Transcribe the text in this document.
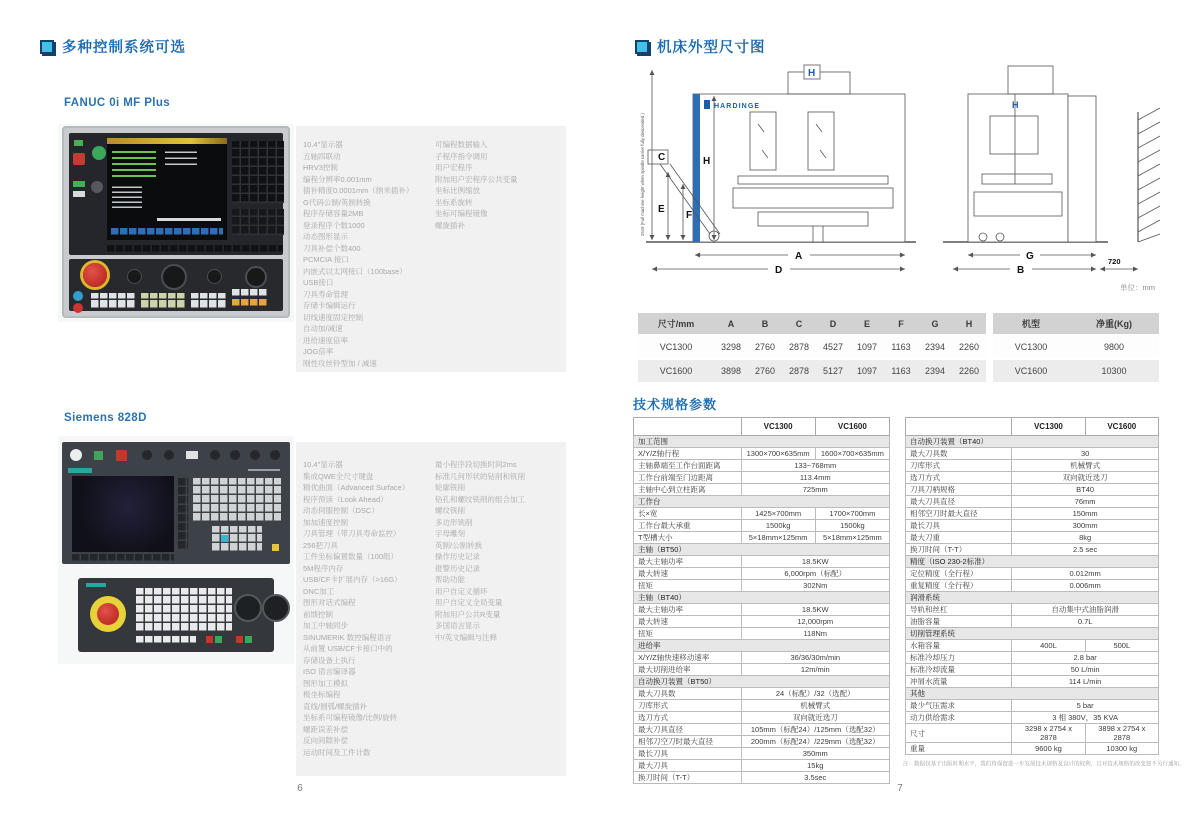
多种控制系统可选
FANUC 0i MF Plus
10.4"显示器
五轴四联动
HRV3控制
编程分辨率0.001mm
插补精度0.0001mm（纳米插补）
G代码公制/英制转换
程序存储容量2MB
登录程序个数1000
动态图形显示
刀具补偿个数400
PCMCIA 接口
内嵌式以太网接口（100base）
USB接口
刀具寿命管理
存储卡编辑运行
切线速度固定控制
自动加/减速
进给速度倍率
JOG倍率
刚性攻丝铃型加 / 减速
可编程数据输入
子程序指令调用
用户宏程序
附加用户宏程序公共变量
坐标比例缩放
坐标系旋转
坐标可编程镜像
螺旋插补
Siemens 828D
10.4"显示器
集成QWE全尺寸键盘
精优曲面（Advanced Surface）
程序预读（Look Ahead）
动态伺服控制（DSC）
加加速度控制
刀具管理（带刀具寿命监控）
256把刀具
工件坐标偏置数量（100组）
5M程序内存
USB/CF卡扩展内存（>16G）
DNC加工
图形对话式编程
前馈控制
加工中轴同步
SINUMERIK 数控编程语言
从前置 USB/CF卡接口中的
存储设备上执行
ISO 语言编译器
图形加工模拟
极坐标编程
直线/圆弧/螺旋插补
坐标系可编程镜像/比例/旋转
螺距误差补偿
反向间隙补偿
运动时间及工件计数
最小程序段切换时间2ms
标准几何形状的钻削和铣削
轮廓铣削
钻孔和螺纹铣削的组合加工
螺纹铣削
多边形铣削
字母雕刻
英制/公制转换
操作历史记录
报警历史记录
帮助功能
用户自定义循环
用户自定义全局变量
附加用户公共R变量
多国语言显示
中/英文编辑与注释
6
机床外型尺寸图
A
B
C
D
E
F
G
H
720
HARDINGE
H
H
2519 (Full machine height when spindle carrier fully descended.)
单位：mm
尺寸/mm	A	B	C	D	E	F	G	H
VC1300	3298	2760	2878	4527	1097	1163	2394	2260
VC1600	3898	2760	2878	5127	1097	1163	2394	2260
机型	净重(Kg)
VC1300	9800
VC1600	10300
技术规格参数
	VC1300	VC1600
加工范围		
X/Y/Z轴行程	1300×700×635mm	1600×700×635mm
主轴鼻端至工作台面距离	133~768mm	
工作台前端至门边距离	113.4mm	
主轴中心到立柱距离	725mm	
工作台		
长×宽	1425×700mm	1700×700mm
工作台最大承重	1500kg	1500kg
T型槽大小	5×18mm×125mm	5×18mm×125mm
主轴（BT50）		
最大主轴功率	18.5KW	
最大转速	6,000rpm（标配）	
扭矩	302Nm	
主轴（BT40）		
最大主轴功率	18.5KW	
最大转速	12,000rpm	
扭矩	118Nm	
进给率		
X/Y/Z轴快速移动速率	36/36/30m/min	
最大切削进给率	12m/min	
自动换刀装置（BT50）		
最大刀具数	24（标配）/32（选配）	
刀库形式	机械臂式	
选刀方式	双向就近选刀	
最大刀具直径	105mm（标配24）/125mm（选配32）	
相邻刀空刀时最大直径	200mm（标配24）/229mm（选配32）	
最长刀具	350mm	
最大刀具	15kg	
换刀时间（T-T）	3.5sec	
	VC1300	VC1600
自动换刀装置（BT40）		
最大刀具数	30	
刀库形式	机械臂式	
选刀方式	双向就近选刀	
刀具刀柄规格	BT40	
最大刀具直径	76mm	
相邻空刀时最大直径	150mm	
最长刀具	300mm	
最大刀重	8kg	
换刀时间（T-T）	2.5 sec	
精度（ISO 230-2标准）		
定位精度（全行程）	0.012mm	
重复精度（全行程）	0.006mm	
润滑系统		
导轨和丝杠	自动集中式油脂润滑	
油脂容量	0.7L	
切削管理系统		
水箱容量	400L	500L
标准冷却压力	2.8 bar	
标准冷却流量	50 L/min	
冲屑水流量	114 L/min	
其他		
最少气压需求	5 bar	
动力供给需求	3 相 380V，35 KVA	
尺寸	3298 x 2754 x 2878	3898 x 2754 x 2878
重量	9600 kg	10300 kg
注：数据仅基于出版时期水平，我们将保留进一步发展技术规格及设计的权利，且对技术规格的改变恕不另行通知。
7
